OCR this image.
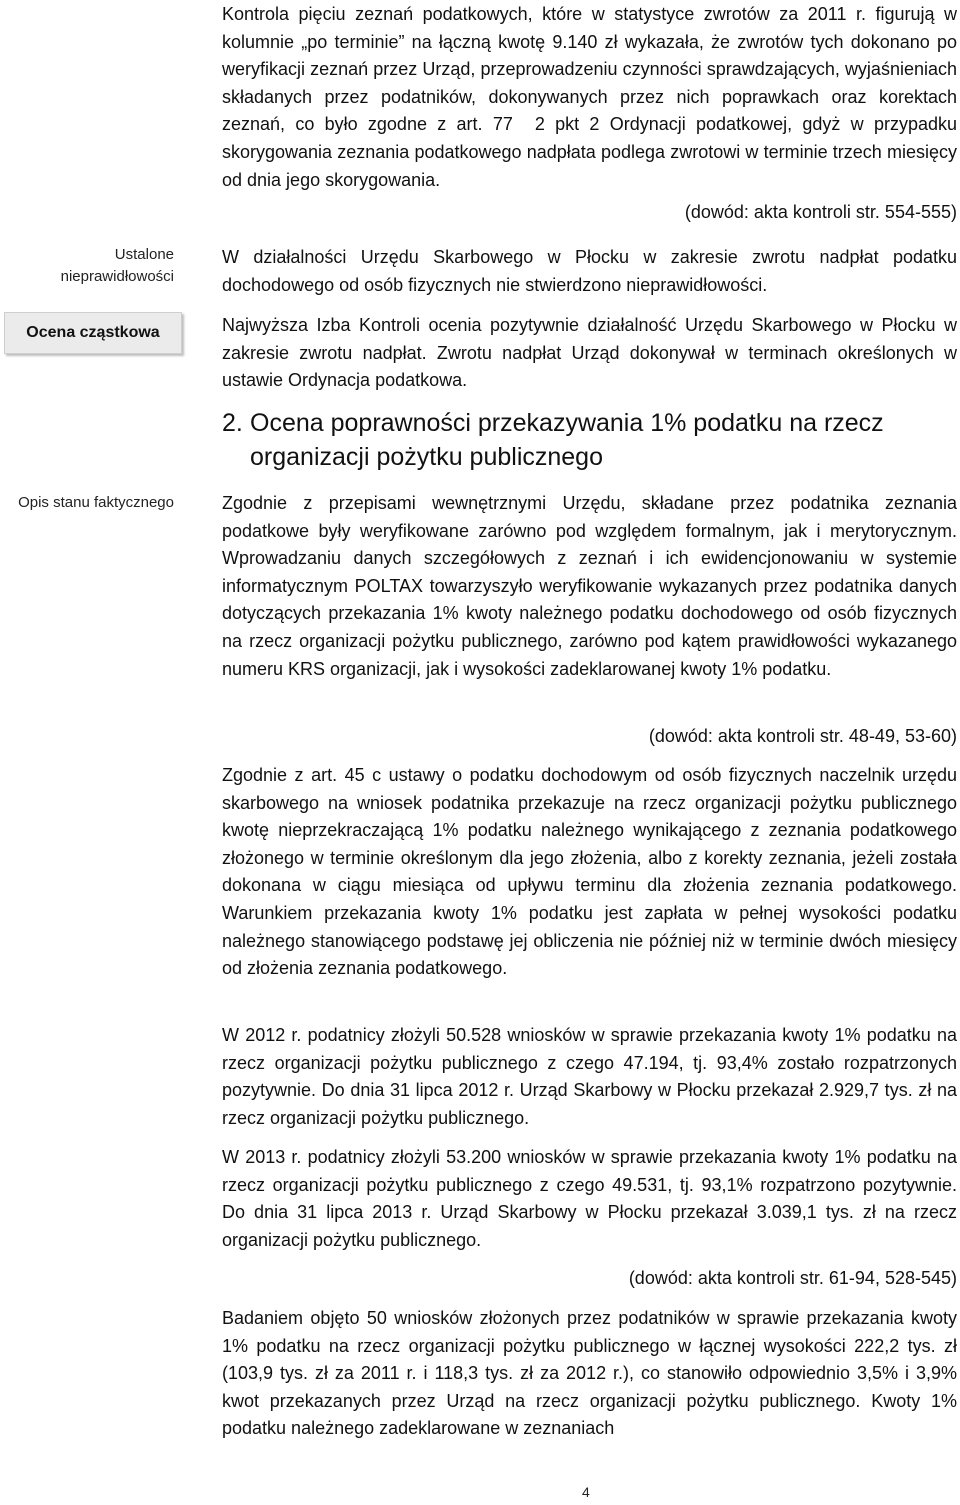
Ustalone nieprawidłowości
Ocena cząstkowa
Opis stanu faktycznego

Kontrola pięciu zeznań podatkowych, które w statystyce zwrotów za 2011 r. figurują w kolumnie „po terminie” na łączną kwotę 9.140 zł wykazała, że zwrotów tych dokonano po weryfikacji zeznań przez Urząd, przeprowadzeniu czynności sprawdzających, wyjaśnieniach składanych przez podatników, dokonywanych przez nich poprawkach oraz korektach zeznań, co było zgodne z art. 77 2 pkt 2 Ordynacji podatkowej, gdyż w przypadku skorygowania zeznania podatkowego nadpłata podlega zwrotowi w terminie trzech miesięcy od dnia jego skorygowania.

(dowód: akta kontroli str. 554-555)

W działalności Urzędu Skarbowego w Płocku w zakresie zwrotu nadpłat podatku dochodowego od osób fizycznych nie stwierdzono nieprawidłowości.

Najwyższa Izba Kontroli ocenia pozytywnie działalność Urzędu Skarbowego w Płocku w zakresie zwrotu nadpłat. Zwrotu nadpłat Urząd dokonywał w terminach określonych w ustawie Ordynacja podatkowa.

2. Ocena poprawności przekazywania 1% podatku na rzecz
organizacji pożytku publicznego

Zgodnie z przepisami wewnętrznymi Urzędu, składane przez podatnika zeznania podatkowe były weryfikowane zarówno pod względem formalnym, jak i merytorycznym. Wprowadzaniu danych szczegółowych z zeznań i ich ewidencjonowaniu w systemie informatycznym POLTAX towarzyszyło weryfikowanie wykazanych przez podatnika danych dotyczących przekazania 1% kwoty należnego podatku dochodowego od osób fizycznych na rzecz organizacji pożytku publicznego, zarówno pod kątem prawidłowości wykazanego numeru KRS organizacji, jak i wysokości zadeklarowanej kwoty 1% podatku.

(dowód: akta kontroli str. 48-49, 53-60)

Zgodnie z art. 45 c ustawy o podatku dochodowym od osób fizycznych naczelnik urzędu skarbowego na wniosek podatnika przekazuje na rzecz organizacji pożytku publicznego kwotę nieprzekraczającą 1% podatku należnego wynikającego z zeznania podatkowego złożonego w terminie określonym dla jego złożenia, albo z korekty zeznania, jeżeli została dokonana w ciągu miesiąca od upływu terminu dla złożenia zeznania podatkowego. Warunkiem przekazania kwoty 1% podatku jest zapłata w pełnej wysokości podatku należnego stanowiącego podstawę jej obliczenia nie później niż w terminie dwóch miesięcy od złożenia zeznania podatkowego.

W 2012 r. podatnicy złożyli 50.528 wniosków w sprawie przekazania kwoty 1% podatku na rzecz organizacji pożytku publicznego z czego 47.194, tj. 93,4% zostało rozpatrzonych pozytywnie. Do dnia 31 lipca 2012 r. Urząd Skarbowy w Płocku przekazał 2.929,7 tys. zł na rzecz organizacji pożytku publicznego.

W 2013 r. podatnicy złożyli 53.200 wniosków w sprawie przekazania kwoty 1% podatku na rzecz organizacji pożytku publicznego z czego 49.531, tj. 93,1% rozpatrzono pozytywnie. Do dnia 31 lipca 2013 r. Urząd Skarbowy w Płocku przekazał 3.039,1 tys. zł na rzecz organizacji pożytku publicznego.

(dowód: akta kontroli str. 61-94, 528-545)

Badaniem objęto 50 wniosków złożonych przez podatników w sprawie przekazania kwoty 1% podatku na rzecz organizacji pożytku publicznego w łącznej wysokości 222,2 tys. zł (103,9 tys. zł za 2011 r. i 118,3 tys. zł za 2012 r.), co stanowiło odpowiednio 3,5% i 3,9% kwot przekazanych przez Urząd na rzecz organizacji pożytku publicznego. Kwoty 1% podatku należnego zadeklarowane w zeznaniach

4
